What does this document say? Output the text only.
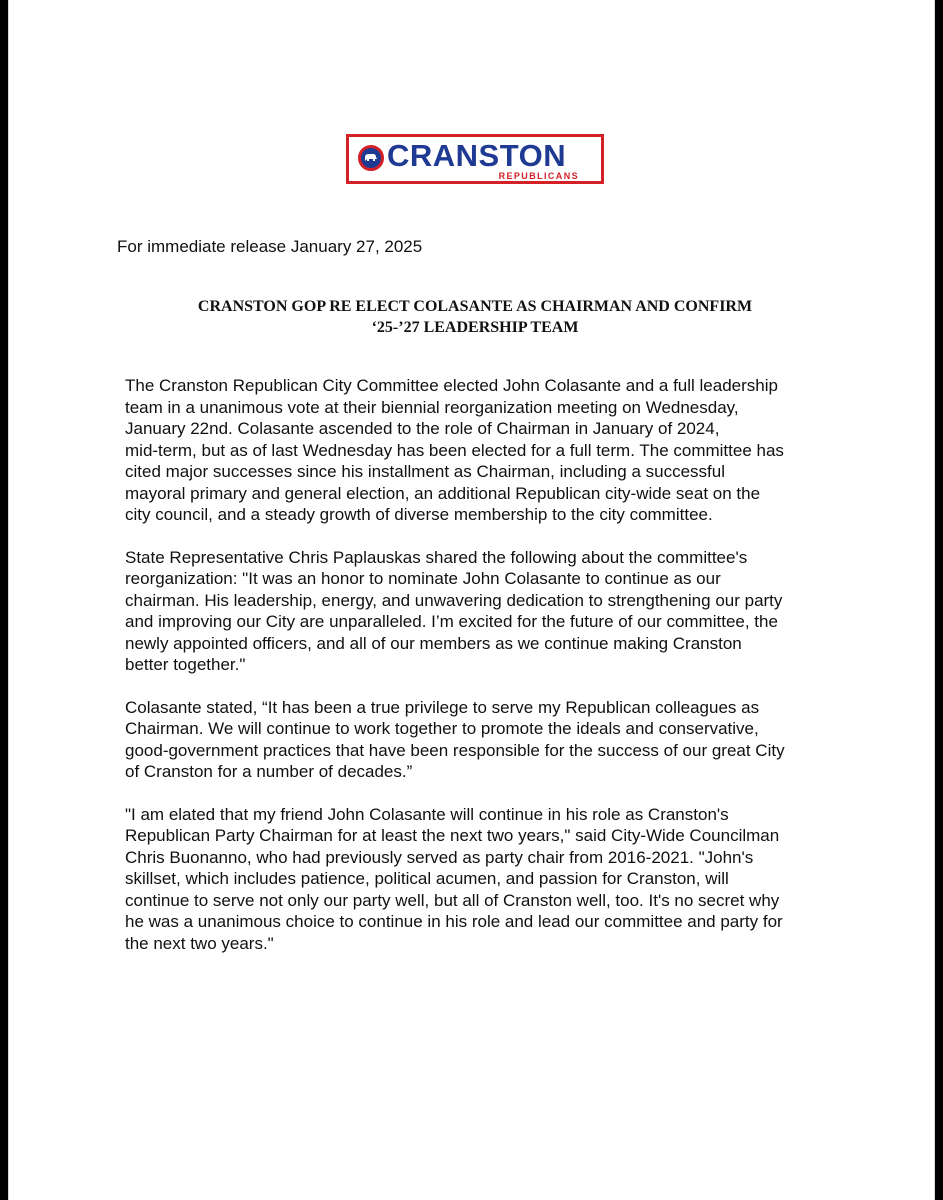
CRANSTON
REPUBLICANS
For immediate release January 27, 2025
CRANSTON GOP RE ELECT COLASANTE AS CHAIRMAN AND CONFIRM
‘25-’27 LEADERSHIP TEAM

The Cranston Republican City Committee elected John Colasante and a full leadership
team in a unanimous vote at their biennial reorganization meeting on Wednesday,
January 22nd. Colasante ascended to the role of Chairman in January of 2024,
mid-term, but as of last Wednesday has been elected for a full term. The committee has
cited major successes since his installment as Chairman, including a successful
mayoral primary and general election, an additional Republican city-wide seat on the
city council, and a steady growth of diverse membership to the city committee.

State Representative Chris Paplauskas shared the following about the committee's
reorganization: "It was an honor to nominate John Colasante to continue as our
chairman. His leadership, energy, and unwavering dedication to strengthening our party
and improving our City are unparalleled. I’m excited for the future of our committee, the
newly appointed officers, and all of our members as we continue making Cranston
better together."

Colasante stated, “It has been a true privilege to serve my Republican colleagues as
Chairman. We will continue to work together to promote the ideals and conservative,
good-government practices that have been responsible for the success of our great City
of Cranston for a number of decades.”

"I am elated that my friend John Colasante will continue in his role as Cranston's
Republican Party Chairman for at least the next two years," said City-Wide Councilman
Chris Buonanno, who had previously served as party chair from 2016-2021. "John's
skillset, which includes patience, political acumen, and passion for Cranston, will
continue to serve not only our party well, but all of Cranston well, too. It's no secret why
he was a unanimous choice to continue in his role and lead our committee and party for
the next two years."
